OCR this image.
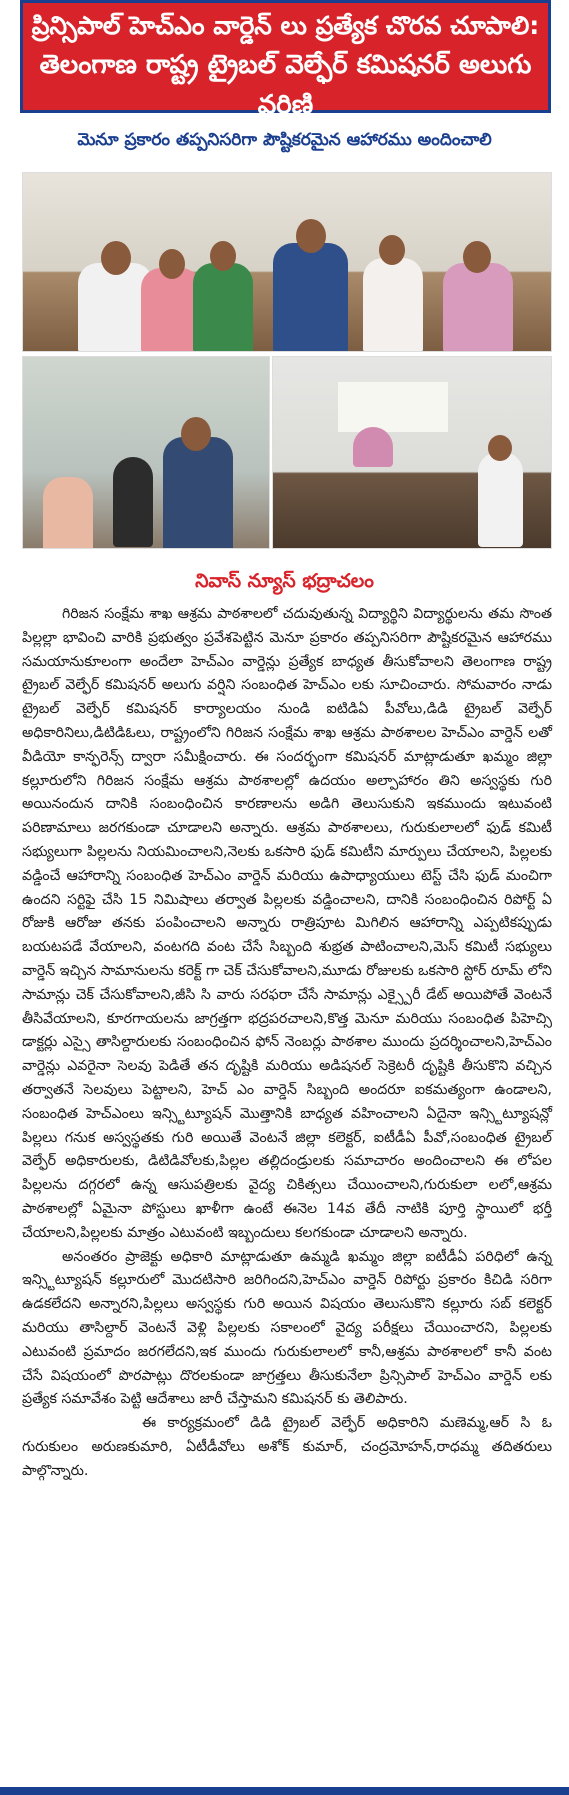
ప్రిన్సిపాల్ హెచ్ఎం వార్డెన్ లు ప్రత్యేక చొరవ చూపాలి:
తెలంగాణ రాష్ట్ర ట్రైబల్ వెల్ఫేర్ కమిషనర్ అలుగు వర్షిణి
మెనూ ప్రకారం తప్పనిసరిగా పౌష్టికరమైన ఆహారము అందించాలి
నివాస్ న్యూస్ భద్రాచలం

గిరిజన సంక్షేమ శాఖ ఆశ్రమ పాఠశాలలో చదువుతున్న విద్యార్థిని విద్యార్థులను తమ సొంత పిల్లల్లా భావించి వారికి ప్రభుత్వం ప్రవేశపెట్టిన మెనూ ప్రకారం తప్పనిసరిగా పౌష్టికరమైన ఆహారము సమయానుకూలంగా అందేలా హెచ్ఎం వార్డెన్లు ప్రత్యేక బాధ్యత తీసుకోవాలని తెలంగాణ రాష్ట్ర ట్రైబల్ వెల్ఫేర్ కమిషనర్ అలుగు వర్షిని సంబంధిత హెచ్ఎం లకు సూచించారు. సోమవారం నాడు ట్రైబల్ వెల్ఫేర్ కమిషనర్ కార్యాలయం నుండి ఐటిడిఏ పీవోలు,డిడి ట్రైబల్ వెల్ఫేర్ అధికారినిలు,డిటిడిఓలు, రాష్ట్రంలోని గిరిజన సంక్షేమ శాఖ ఆశ్రమ పాఠశాలల హెచ్ఎం వార్డెన్ లతో వీడియో కాన్ఫరెన్స్ ద్వారా సమీక్షించారు. ఈ సందర్భంగా కమిషనర్ మాట్లాడుతూ ఖమ్మం జిల్లా కల్లూరులోని గిరిజన సంక్షేమ ఆశ్రమ పాఠశాలల్లో ఉదయం అల్పాహారం తిని అస్వస్థకు గురి అయినందున దానికి సంబంధించిన కారణాలను అడిగి తెలుసుకుని ఇకముందు ఇటువంటి పరిణామాలు జరగకుండా చూడాలని అన్నారు. ఆశ్రమ పాఠశాలలు, గురుకులాలలో ఫుడ్ కమిటీ సభ్యులుగా పిల్లలను నియమించాలని,నెలకు ఒకసారి ఫుడ్ కమిటీని మార్పులు చేయాలని, పిల్లలకు వడ్డించే ఆహారాన్ని సంబంధిత హెచ్ఎం వార్డెన్ మరియు ఉపాధ్యాయులు టెస్ట్ చేసి ఫుడ్ మంచిగా ఉందని సర్టిఫై చేసి 15 నిమిషాలు తర్వాత పిల్లలకు వడ్డించాలని, దానికి సంబంధించిన రిపోర్ట్ ఏ రోజుకి ఆరోజు తనకు పంపించాలని అన్నారు రాత్రిపూట మిగిలిన ఆహారాన్ని ఎప్పటికప్పుడు బయటపడే వేయాలని, వంటగది వంట చేసే సిబ్బంది శుభ్రత పాటించాలని,మెస్ కమిటీ సభ్యులు వార్డెన్ ఇచ్చిన సామానులను కరెక్ట్ గా చెక్ చేసుకోవాలని,మూడు రోజులకు ఒకసారి స్టోర్ రూమ్ లోని సామాన్లు చెక్ చేసుకోవాలని,జీసి సి వారు సరఫరా చేసే సామాన్లు ఎక్స్పైరీ డేట్ అయిపోతే వెంటనే తీసివేయాలని, కూరగాయలను జాగ్రత్తగా భద్రపరచాలని,కొత్త మెనూ మరియు సంబంధిత పిహెచ్సి డాక్టర్లు ఎస్సై తాసిల్దారులకు సంబంధించిన ఫోన్ నెంబర్లు పాఠశాల ముందు ప్రదర్శించాలని,హెచ్ఎం వార్డెన్లు ఎవరైనా సెలవు పెడితే తన దృష్టికి మరియు అడిషనల్ సెక్రెటరీ దృష్టికి తీసుకొని వచ్చిన తర్వాతనే సెలవులు పెట్టాలని, హెచ్ ఎం వార్డెన్ సిబ్బంది అందరూ ఐకమత్యంగా ఉండాలని, సంబంధిత హెచ్ఎంలు ఇన్స్టిట్యూషన్ మొత్తానికి బాధ్యత వహించాలని ఏదైనా ఇన్స్టిట్యూషన్లో పిల్లలు గనుక అస్వస్థతకు గురి అయితే వెంటనే జిల్లా కలెక్టర్, ఐటీడీఏ పీవో,సంబంధిత ట్రైబల్ వెల్ఫేర్ అధికారులకు, డిటిడివోలకు,పిల్లల తల్లిదండ్రులకు సమాచారం అందించాలని ఈ లోపల పిల్లలను దగ్గరలో ఉన్న ఆసుపత్రిలకు వైద్య చికిత్సలు చేయించాలని,గురుకులా లలో,ఆశ్రమ పాఠశాలల్లో ఏమైనా పోస్టులు ఖాళీగా ఉంటే ఈనెల 14వ తేదీ నాటికి పూర్తి స్థాయిలో భర్తీ చేయాలని,పిల్లలకు మాత్రం ఎటువంటి ఇబ్బందులు కలగకుండా చూడాలని అన్నారు.

అనంతరం ప్రాజెక్టు అధికారి మాట్లాడుతూ ఉమ్మడి ఖమ్మం జిల్లా ఐటీడీఏ పరిధిలో ఉన్న ఇన్స్టిట్యూషన్ కల్లూరులో మొదటిసారి జరిగిందని,హెచ్ఎం వార్డెన్ రిపోర్టు ప్రకారం కిచిడి సరిగా ఉడకలేదని అన్నారని,పిల్లలు అస్వస్థకు గురి అయిన విషయం తెలుసుకొని కల్లూరు సబ్ కలెక్టర్ మరియు తాసిల్దార్ వెంటనే వెళ్లి పిల్లలకు సకాలంలో వైద్య పరీక్షలు చేయించారని, పిల్లలకు ఎటువంటి ప్రమాదం జరగలేదని,ఇక ముందు గురుకులాలలో కానీ,ఆశ్రమ పాఠశాలలో కానీ వంట చేసే విషయంలో పొరపాట్లు దొరలకుండా జాగ్రత్తలు తీసుకునేలా ప్రిన్సిపాల్ హెచ్ఎం వార్డెన్ లకు ప్రత్యేక సమావేశం పెట్టి ఆదేశాలు జారీ చేస్తామని కమిషనర్ కు తెలిపారు.

ఈ కార్యక్రమంలో డిడి ట్రైబల్ వెల్ఫేర్ అధికారిని మణెమ్మ,ఆర్ సి ఓ గురుకులం అరుణకుమారి, ఏటీడీవోలు అశోక్ కుమార్, చంద్రమోహన్,రాధమ్మ తదితరులు పాల్గొన్నారు.
